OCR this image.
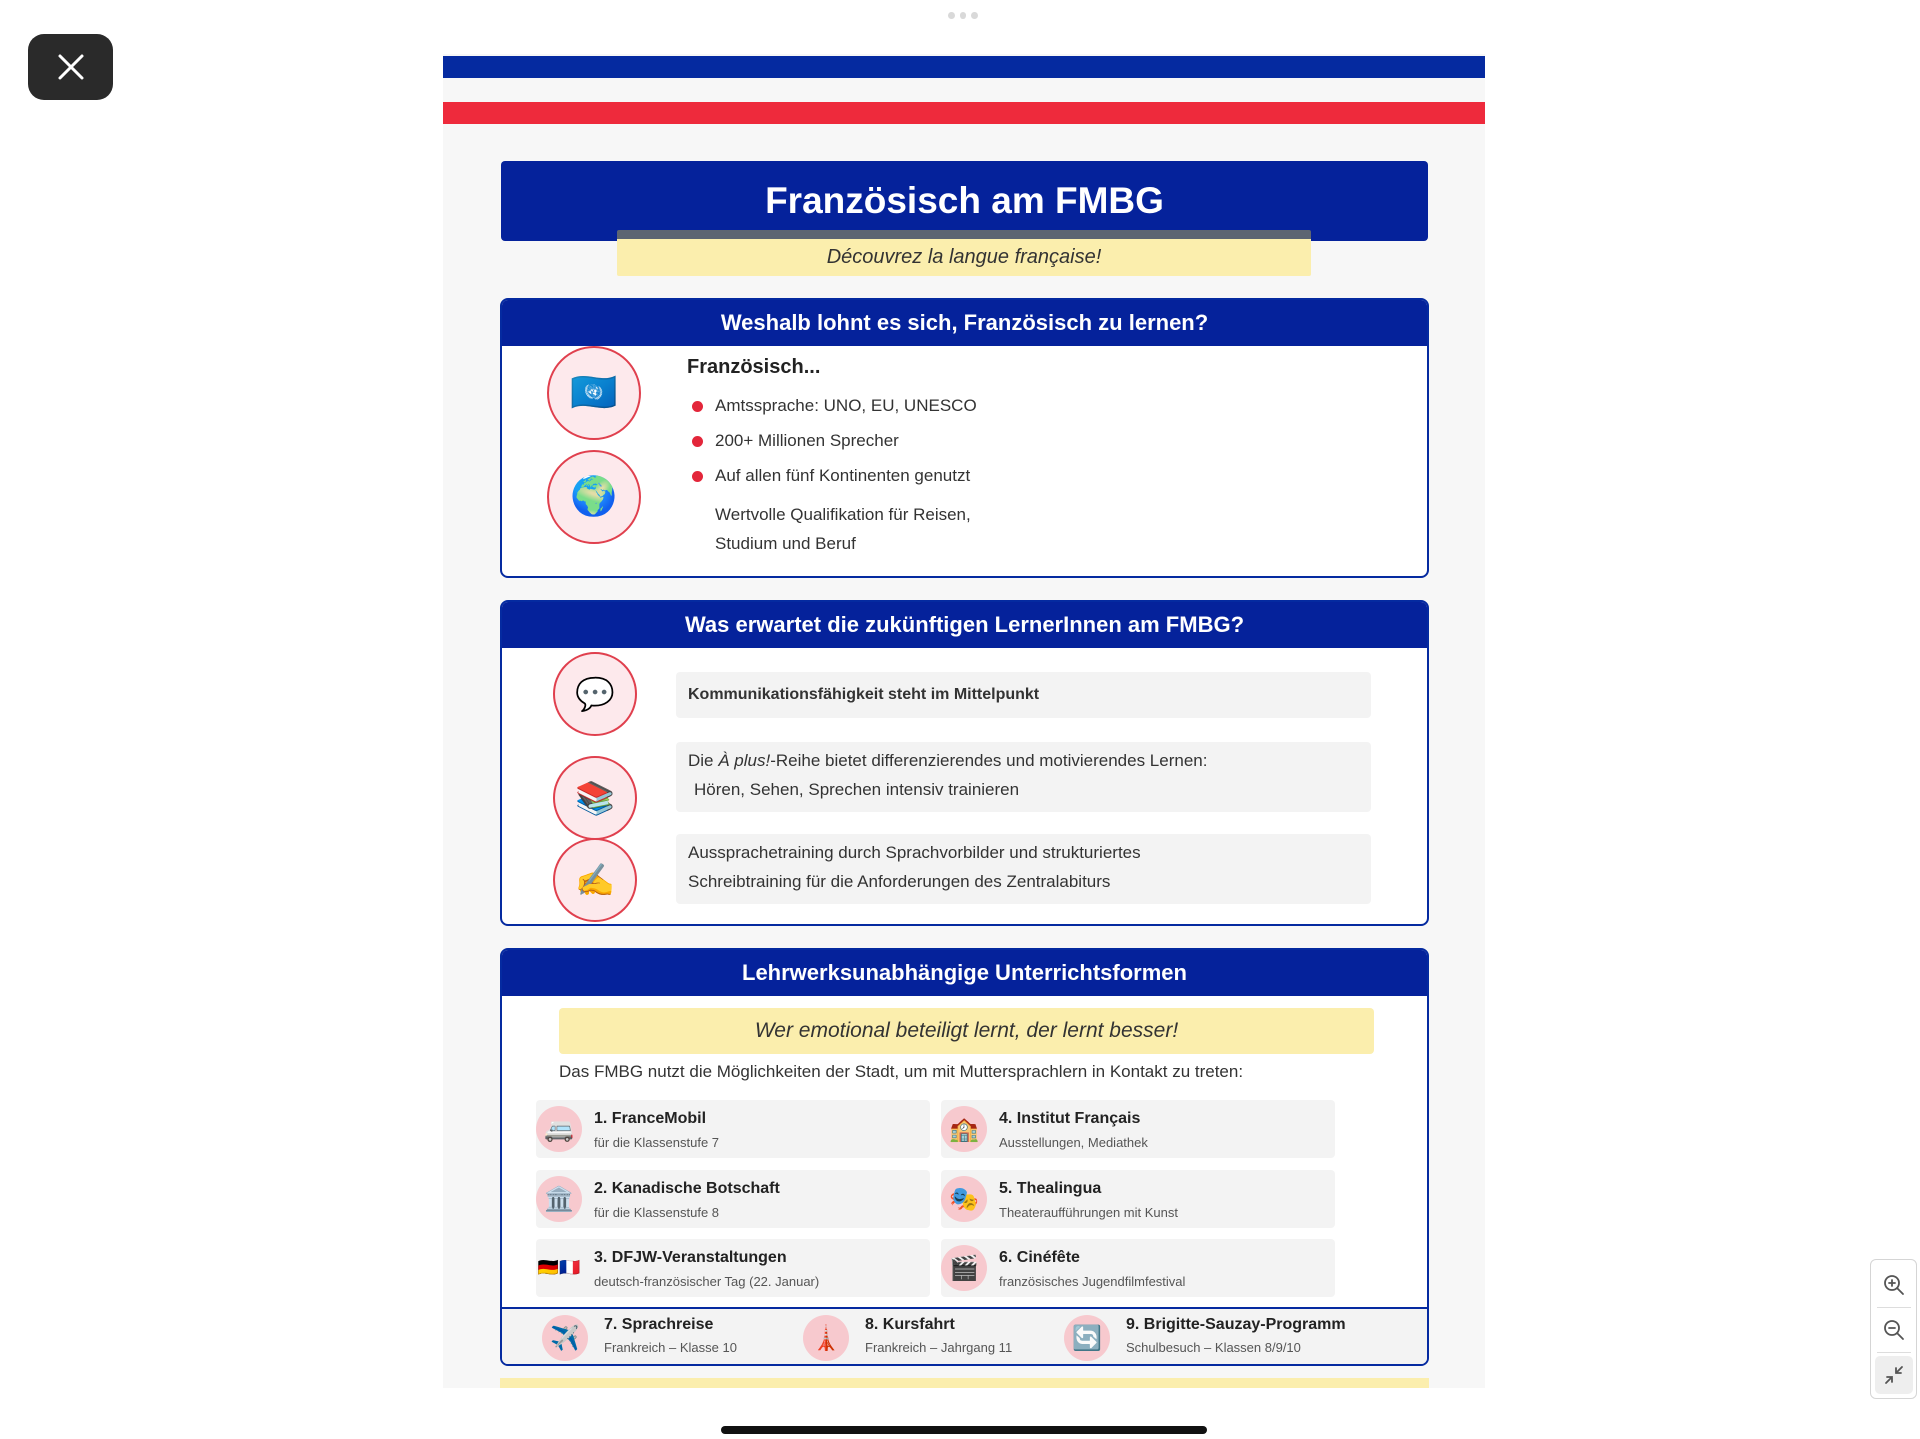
Französisch am FMBG
Découvrez la langue française!
Weshalb lohnt es sich, Französisch zu lernen?
🇺🇳
🌍
Französisch...
Amtssprache: UNO, EU, UNESCO
200+ Millionen Sprecher
Auf allen fünf Kontinenten genutzt
Wertvolle Qualifikation für Reisen,
Studium und Beruf
Was erwartet die zukünftigen LernerInnen am FMBG?
💬
📚
✍️
Kommunikationsfähigkeit steht im Mittelpunkt
Die À plus!-Reihe bietet differenzierendes und motivierendes Lernen:
Hören, Sehen, Sprechen intensiv trainieren
Aussprachetraining durch Sprachvorbilder und strukturiertes
Schreibtraining für die Anforderungen des Zentralabiturs
Lehrwerksunabhängige Unterrichtsformen
Wer emotional beteiligt lernt, der lernt besser!
Das FMBG nutzt die Möglichkeiten der Stadt, um mit Muttersprachlern in Kontakt zu treten:
🚐	1. FranceMobil
für die Klassenstufe 7
🏛️	2. Kanadische Botschaft
für die Klassenstufe 8
🇩🇪🇫🇷
3. DFJW-Veranstaltungen
deutsch-französischer Tag (22. Januar)
🏫	4. Institut Français
Ausstellungen, Mediathek
🎭	5. Thealingua
Theateraufführungen mit Kunst
🎬	6. Cinéfête
französisches Jugendfilmfestival
✈️	7. Sprachreise
Frankreich – Klasse 10	🗼	8. Kursfahrt
Frankreich – Jahrgang 11	🔄	9. Brigitte-Sauzay-Programm
Schulbesuch – Klassen 8/9/10
